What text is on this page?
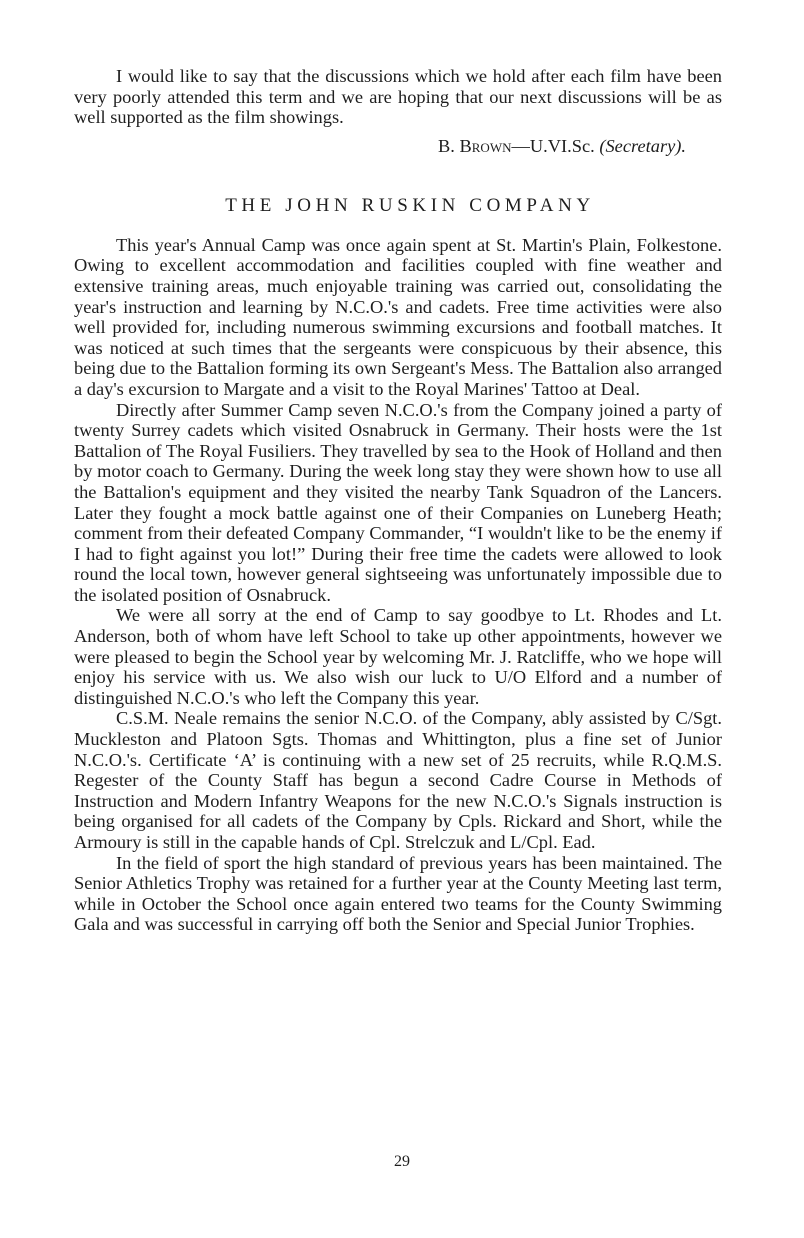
I would like to say that the discussions which we hold after each film have been very poorly attended this term and we are hoping that our next discussions will be as well supported as the film showings.

B. Brown—U.VI.Sc. (Secretary).
THE JOHN RUSKIN COMPANY

This year's Annual Camp was once again spent at St. Martin's Plain, Folkestone. Owing to excellent accommodation and facilities coupled with fine weather and extensive training areas, much enjoyable training was carried out, consolidating the year's instruction and learning by N.C.O.'s and cadets. Free time activities were also well provided for, including numerous swimming excursions and football matches. It was noticed at such times that the sergeants were conspicuous by their absence, this being due to the Battalion forming its own Sergeant's Mess. The Battalion also arranged a day's excursion to Margate and a visit to the Royal Marines' Tattoo at Deal.

Directly after Summer Camp seven N.C.O.'s from the Company joined a party of twenty Surrey cadets which visited Osnabruck in Germany. Their hosts were the 1st Battalion of The Royal Fusiliers. They travelled by sea to the Hook of Holland and then by motor coach to Germany. During the week long stay they were shown how to use all the Battalion's equipment and they visited the nearby Tank Squadron of the Lancers. Later they fought a mock battle against one of their Companies on Luneberg Heath; comment from their defeated Company Commander, “I wouldn't like to be the enemy if I had to fight against you lot!” During their free time the cadets were allowed to look round the local town, however general sightseeing was unfortunately impossible due to the isolated position of Osnabruck.

We were all sorry at the end of Camp to say goodbye to Lt. Rhodes and Lt. Anderson, both of whom have left School to take up other appointments, however we were pleased to begin the School year by welcoming Mr. J. Ratcliffe, who we hope will enjoy his service with us. We also wish our luck to U/O Elford and a number of distinguished N.C.O.'s who left the Company this year.

C.S.M. Neale remains the senior N.C.O. of the Company, ably assisted by C/Sgt. Muckleston and Platoon Sgts. Thomas and Whittington, plus a fine set of Junior N.C.O.'s. Certificate ‘A’ is continuing with a new set of 25 recruits, while R.Q.M.S. Regester of the County Staff has begun a second Cadre Course in Methods of Instruction and Modern Infantry Weapons for the new N.C.O.'s Signals instruction is being organised for all cadets of the Company by Cpls. Rickard and Short, while the Armoury is still in the capable hands of Cpl. Strelczuk and L/Cpl. Ead.

In the field of sport the high standard of previous years has been maintained. The Senior Athletics Trophy was retained for a further year at the County Meeting last term, while in October the School once again entered two teams for the County Swimming Gala and was successful in carrying off both the Senior and Special Junior Trophies.

29
